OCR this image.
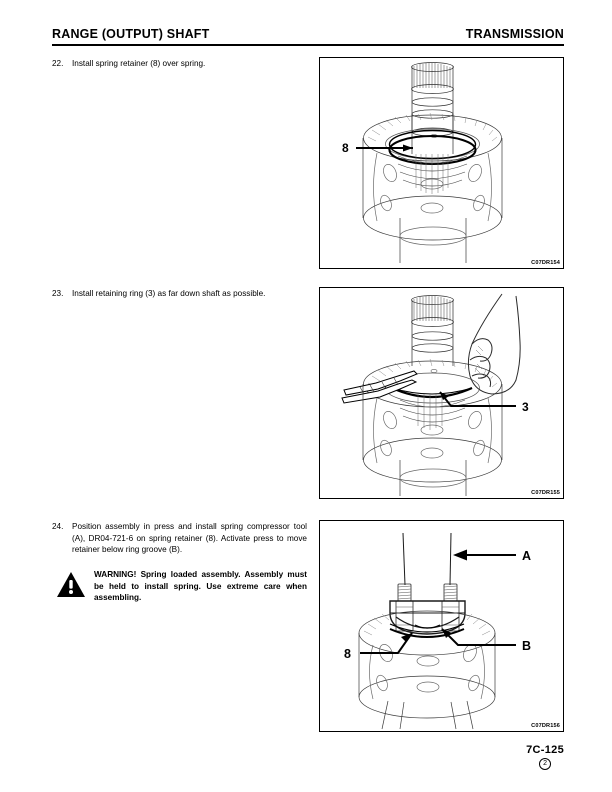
RANGE (OUTPUT) SHAFT	TRANSMISSION
22.	Install spring retainer (8) over spring.
8
C07DR154
23.	Install retaining ring (3) as far down shaft as possible.
3
C07DR155
24.	Position assembly in press and install spring compressor tool (A), DR04-721-6 on spring retainer (8). Activate press to move retainer below ring groove (B).
WARNING! Spring loaded assembly. Assembly must be held to install spring. Use extreme care when assembling.
A
B
8
C07DR156
7C-125
2
